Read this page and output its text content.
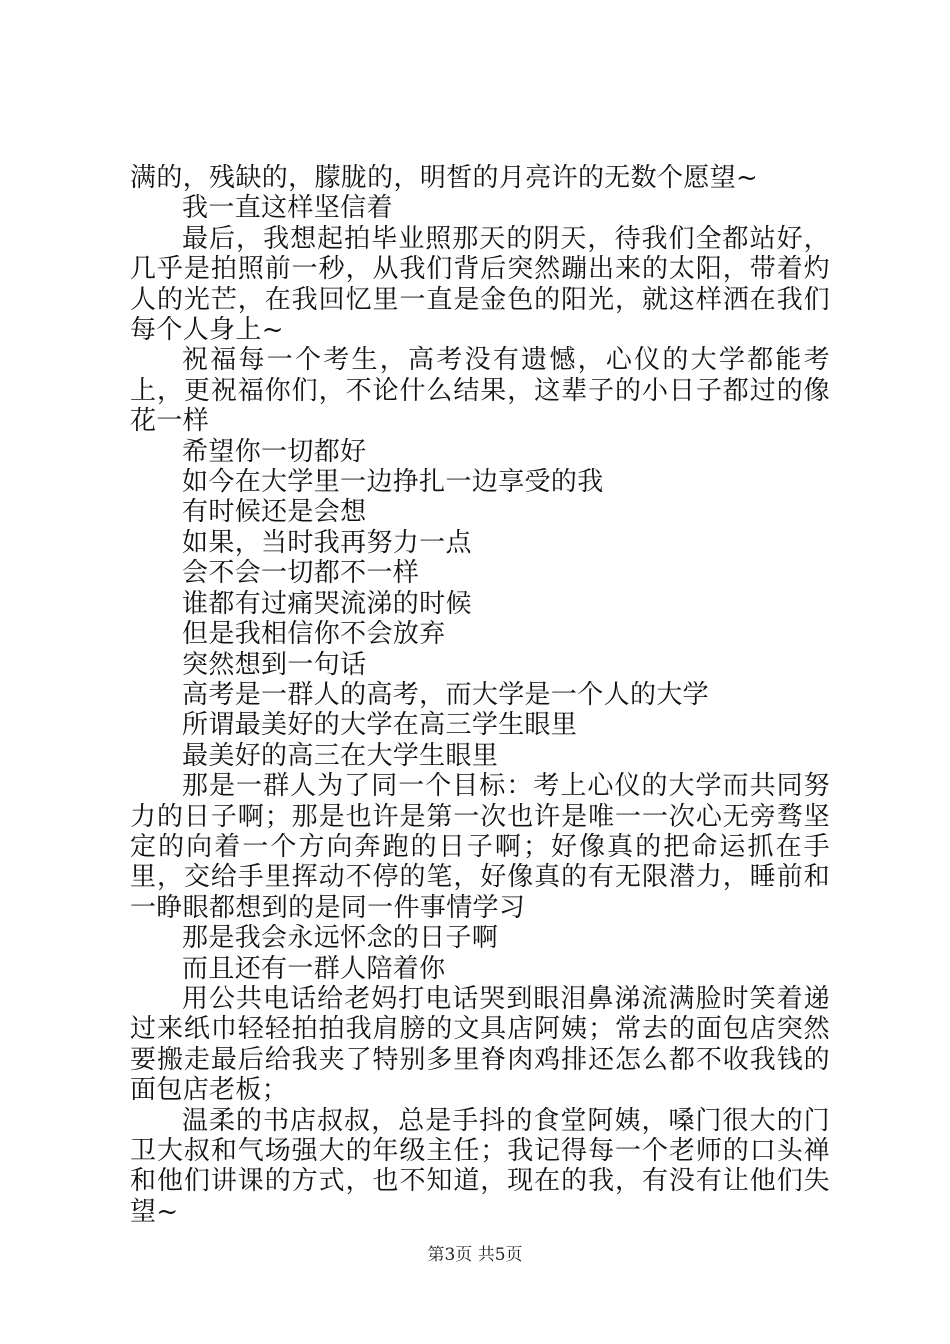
满的，残缺的，朦胧的，明皙的月亮许的无数个愿望~

我一直这样坚信着

最后，我想起拍毕业照那天的阴天，待我们全都站好，几乎是拍照前一秒，从我们背后突然蹦出来的太阳，带着灼人的光芒，在我回忆里一直是金色的阳光，就这样洒在我们每个人身上~

祝福每一个考生，高考没有遗憾，心仪的大学都能考上，更祝福你们，不论什么结果，这辈子的小日子都过的像花一样

希望你一切都好

如今在大学里一边挣扎一边享受的我

有时候还是会想

如果，当时我再努力一点

会不会一切都不一样

谁都有过痛哭流涕的时候

但是我相信你不会放弃

突然想到一句话

高考是一群人的高考，而大学是一个人的大学

所谓最美好的大学在高三学生眼里

最美好的高三在大学生眼里

那是一群人为了同一个目标：考上心仪的大学而共同努力的日子啊；那是也许是第一次也许是唯一一次心无旁骛坚定的向着一个方向奔跑的日子啊；好像真的把命运抓在手里，交给手里挥动不停的笔，好像真的有无限潜力，睡前和一睁眼都想到的是同一件事情学习

那是我会永远怀念的日子啊

而且还有一群人陪着你

用公共电话给老妈打电话哭到眼泪鼻涕流满脸时笑着递过来纸巾轻轻拍拍我肩膀的文具店阿姨；常去的面包店突然要搬走最后给我夹了特别多里脊肉鸡排还怎么都不收我钱的面包店老板；

温柔的书店叔叔，总是手抖的食堂阿姨，嗓门很大的门卫大叔和气场强大的年级主任；我记得每一个老师的口头禅和他们讲课的方式，也不知道，现在的我，有没有让他们失望~

第3页 共5页
